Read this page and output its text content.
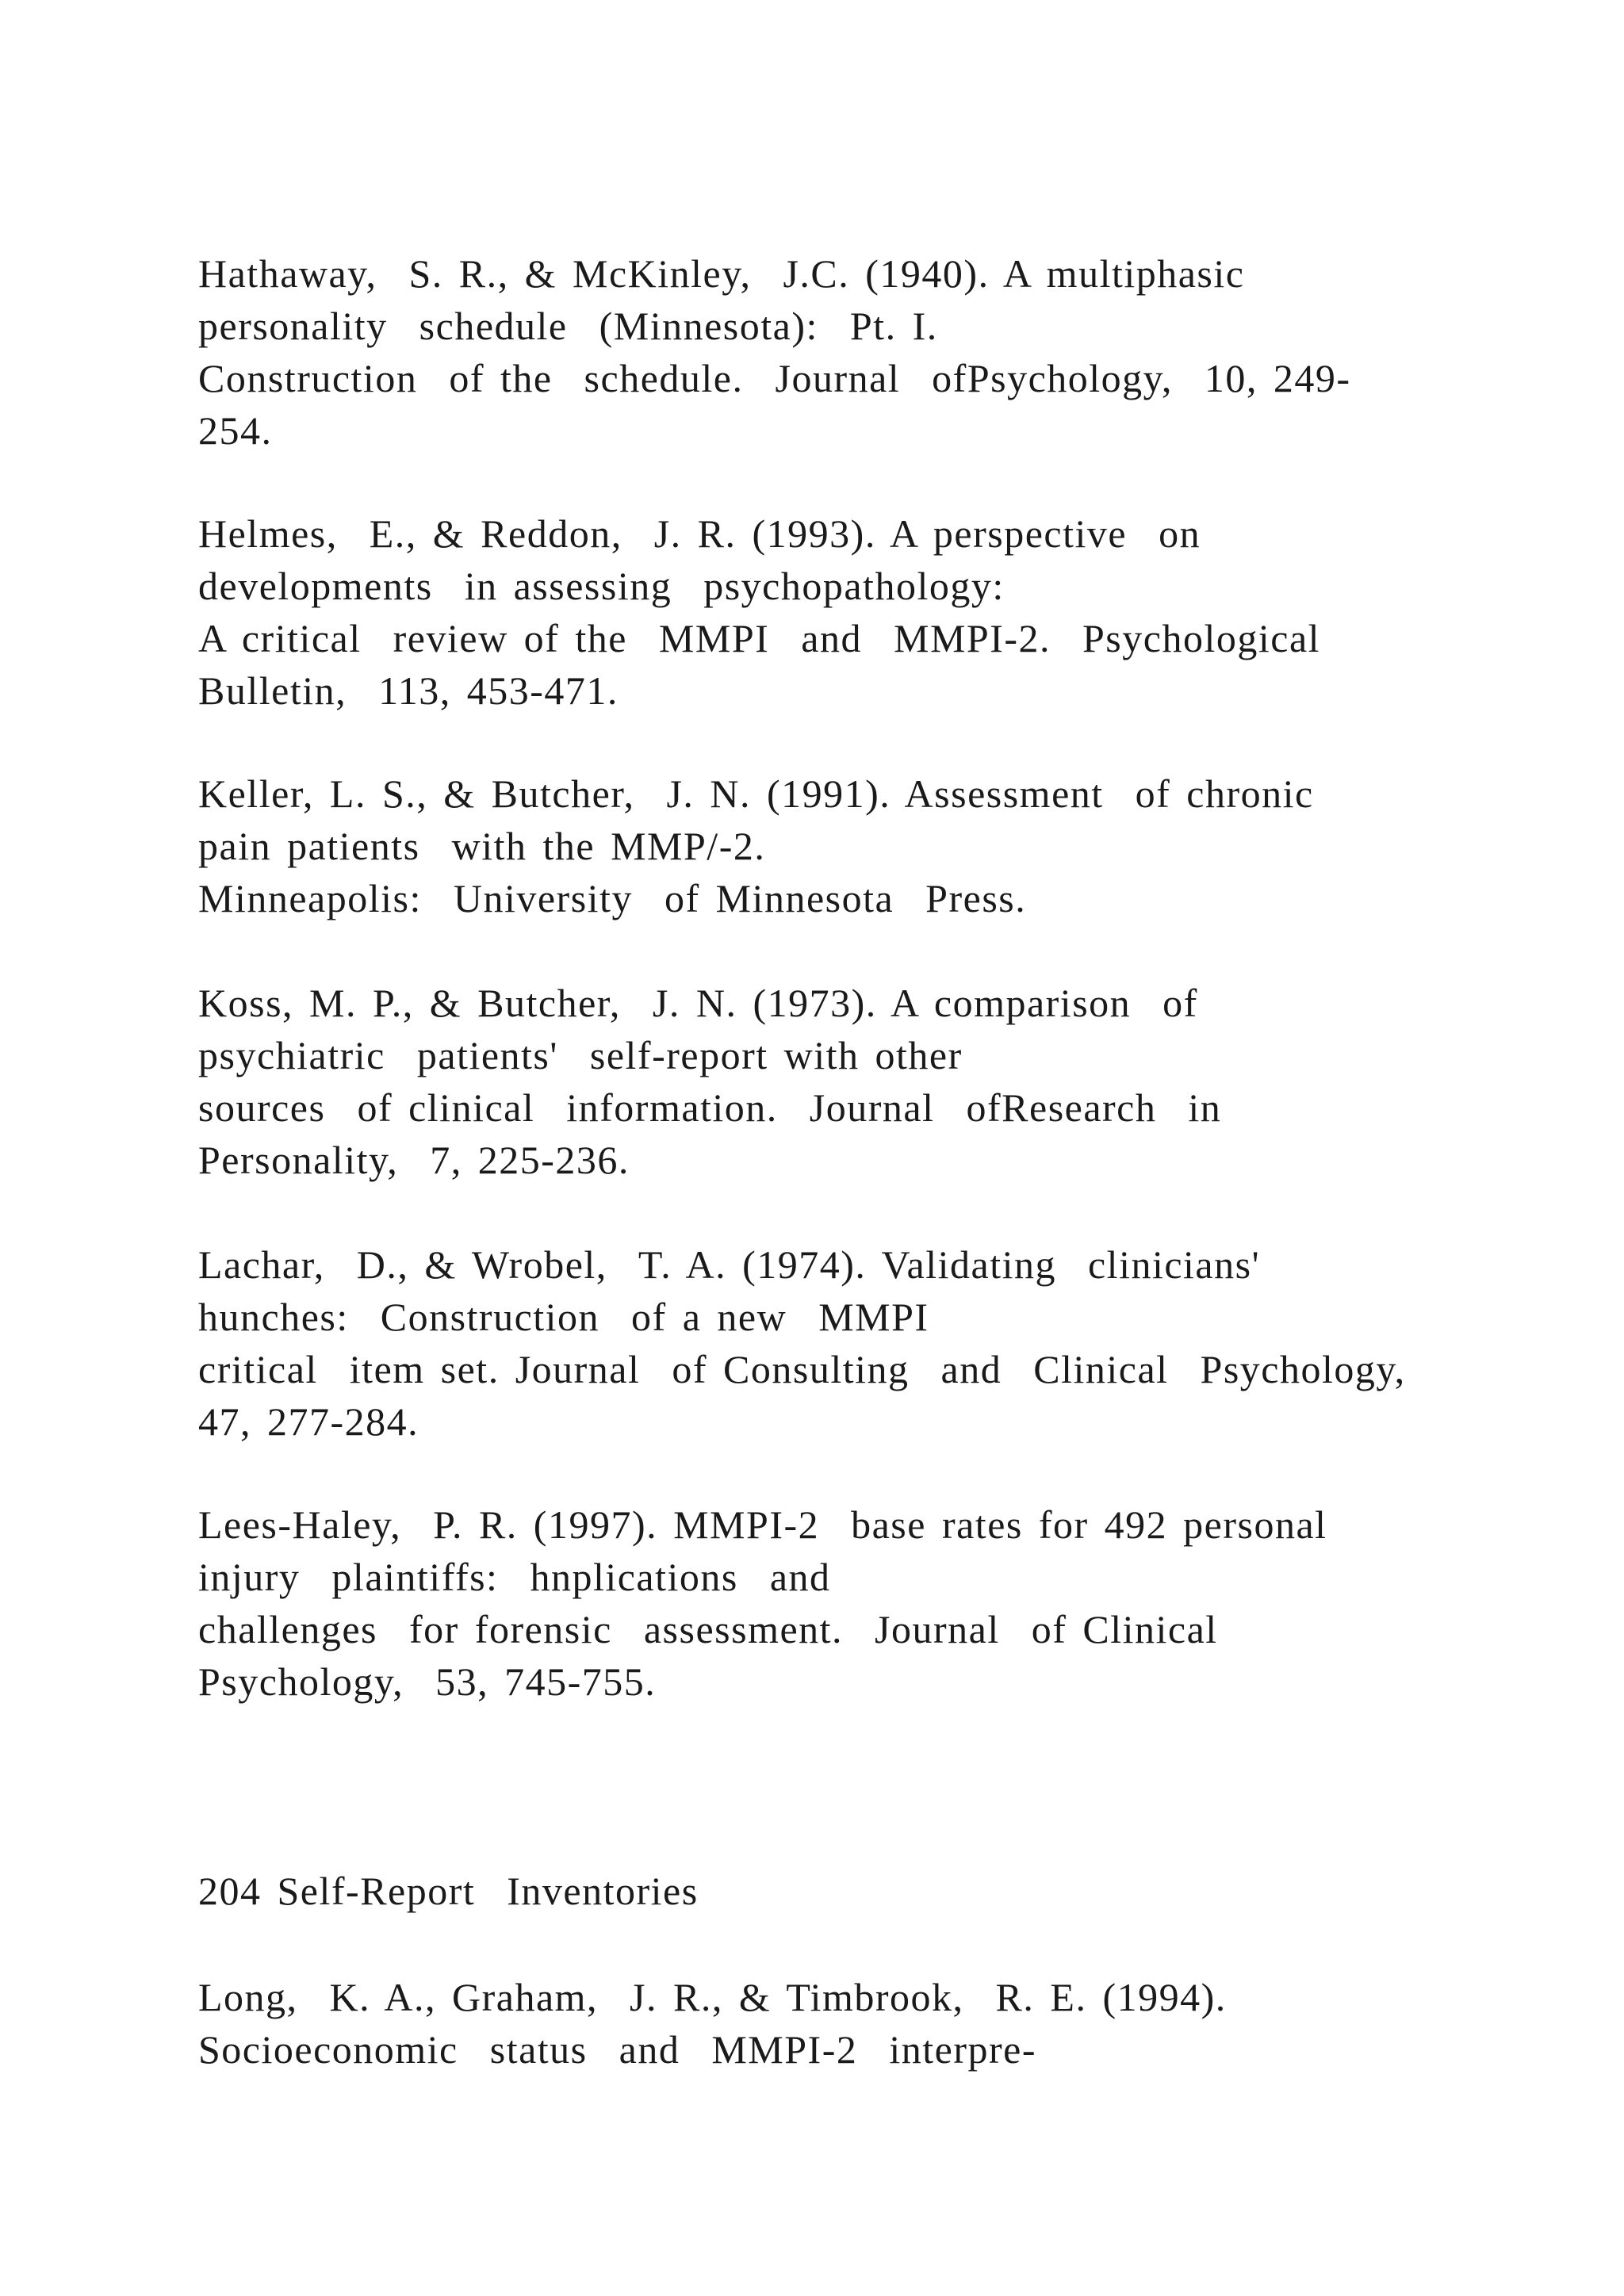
Hathaway,  S. R., & McKinley,  J.C. (1940). A multiphasic
personality  schedule  (Minnesota):  Pt. I.
Construction  of the  schedule.  Journal  ofPsychology,  10, 249-
254.
Helmes,  E., & Reddon,  J. R. (1993). A perspective  on
developments  in assessing  psychopathology:
A critical  review of the  MMPI  and  MMPI-2.  Psychological
Bulletin,  113, 453-471.
Keller, L. S., & Butcher,  J. N. (1991). Assessment  of chronic
pain patients  with the MMP/-2.
Minneapolis:  University  of Minnesota  Press.
Koss, M. P., & Butcher,  J. N. (1973). A comparison  of
psychiatric  patients'  self-report with other
sources  of clinical  information.  Journal  ofResearch  in
Personality,  7, 225-236.
Lachar,  D., & Wrobel,  T. A. (1974). Validating  clinicians'
hunches:  Construction  of a new  MMPI
critical  item set. Journal  of Consulting  and  Clinical  Psychology,
47, 277-284.
Lees-Haley,  P. R. (1997). MMPI-2  base rates for 492 personal
injury  plaintiffs:  hnplications  and
challenges  for forensic  assessment.  Journal  of Clinical
Psychology,  53, 745-755.
204 Self-Report  Inventories
Long,  K. A., Graham,  J. R., & Timbrook,  R. E. (1994).
Socioeconomic  status  and  MMPI-2  interpre-
